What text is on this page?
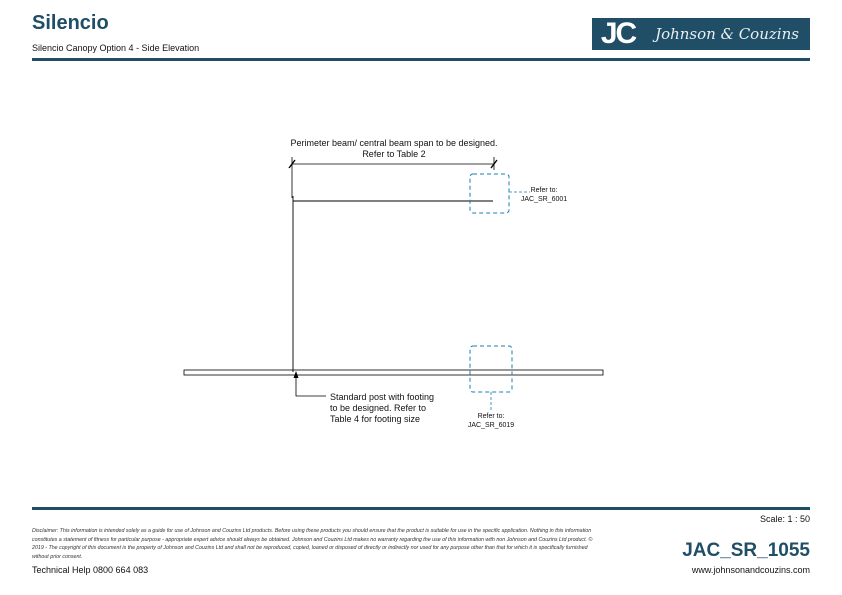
Silencio
Silencio Canopy Option 4 - Side Elevation	JC	Johnson & Couzins
Perimeter beam/ central beam span to be designed.
Refer to Table 2
Refer to:
JAC_SR_6001
Standard post with footing
to be designed. Refer to
Table 4 for footing size	Refer to:
JAC_SR_6019
Scale: 1 : 50
Disclaimer: This information is intended solely as a guide for use of Johnson and Couzins Ltd products. Before using these products you should ensure that the product is suitable for use in the specific application. Nothing in this information constitutes a statement of fitness for particular purpose - appropriate expert advice should always be obtained. Johnson and Couzins Ltd makes no warranty regarding the use of this information with non Johnson and Couzins Ltd product. © 2019 - The copyright of this document is the property of Johnson and Couzins Ltd and shall not be reproduced, copied, loaned or disposed of directly or indirectly nor used for any purpose other than that for which it is specifically furnished without prior consent.
Technical Help 0800 664 083
JAC_SR_1055
www.johnsonandcouzins.com
